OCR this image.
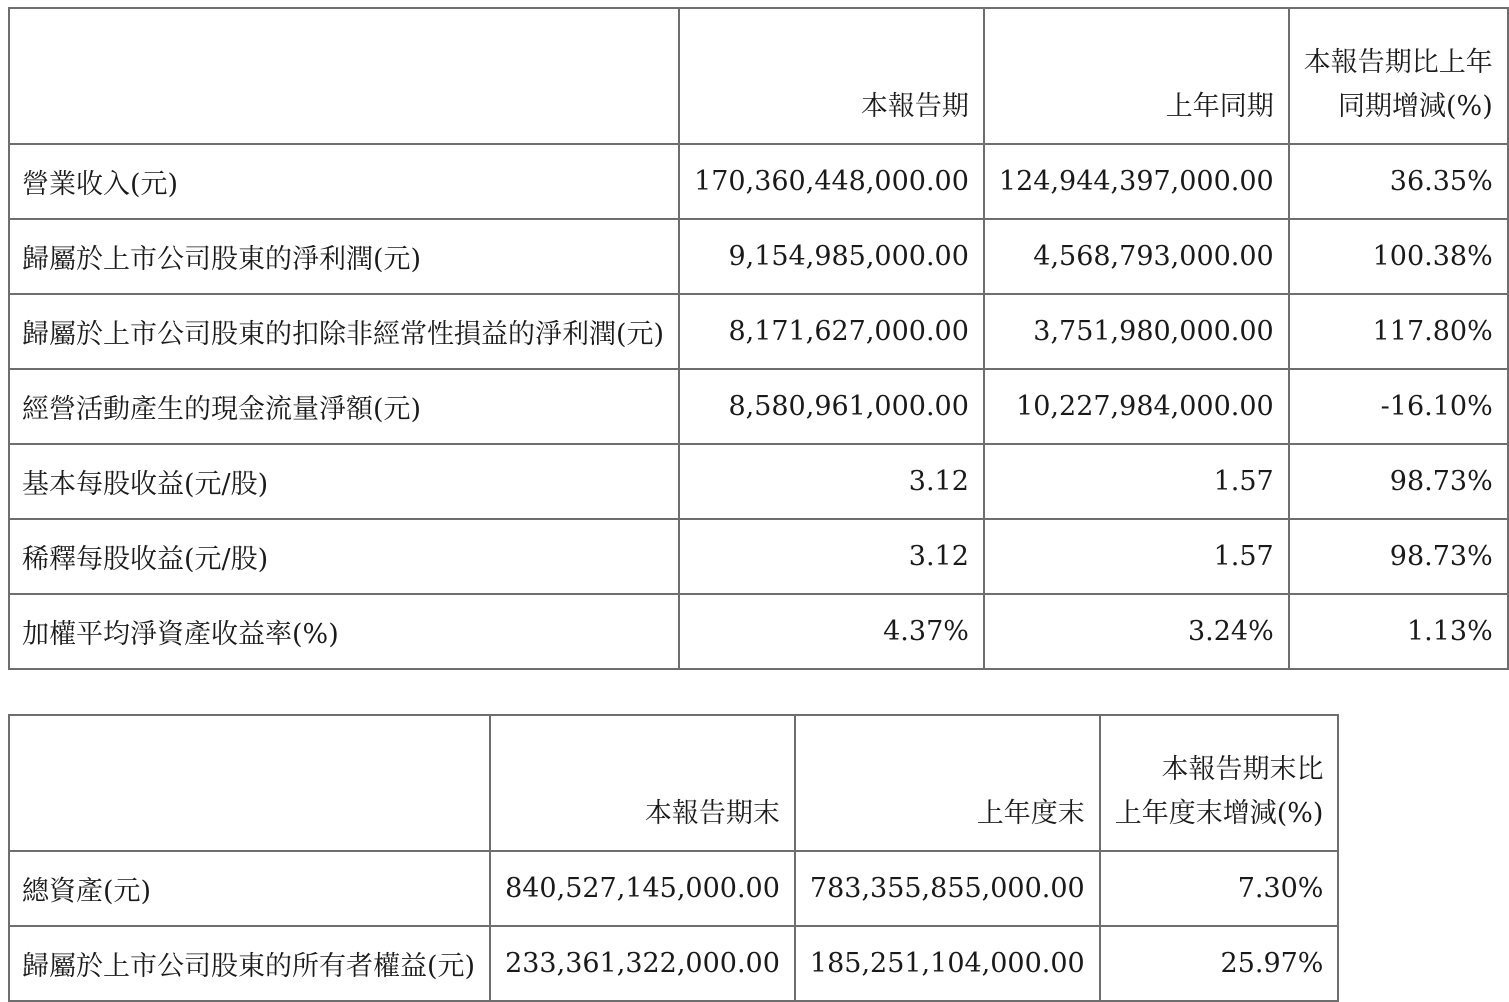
	本報告期	上年同期	本報告期比上年
同期增減(%)

營業收入(元)	170,360,448,000.00	124,944,397,000.00	36.35%
歸屬於上市公司股東的淨利潤(元)	9,154,985,000.00	4,568,793,000.00	100.38%
歸屬於上市公司股東的扣除非經常性損益的淨利潤(元)	8,171,627,000.00	3,751,980,000.00	117.80%
經營活動產生的現金流量淨額(元)	8,580,961,000.00	10,227,984,000.00	-16.10%
基本每股收益(元/股)	3.12	1.57	98.73%
稀釋每股收益(元/股)	3.12	1.57	98.73%
加權平均淨資產收益率(%)	4.37%	3.24%	1.13%
	本報告期末	上年度末	本報告期末比
上年度末增減(%)

總資產(元)	840,527,145,000.00	783,355,855,000.00	7.30%
歸屬於上市公司股東的所有者權益(元)	233,361,322,000.00	185,251,104,000.00	25.97%
